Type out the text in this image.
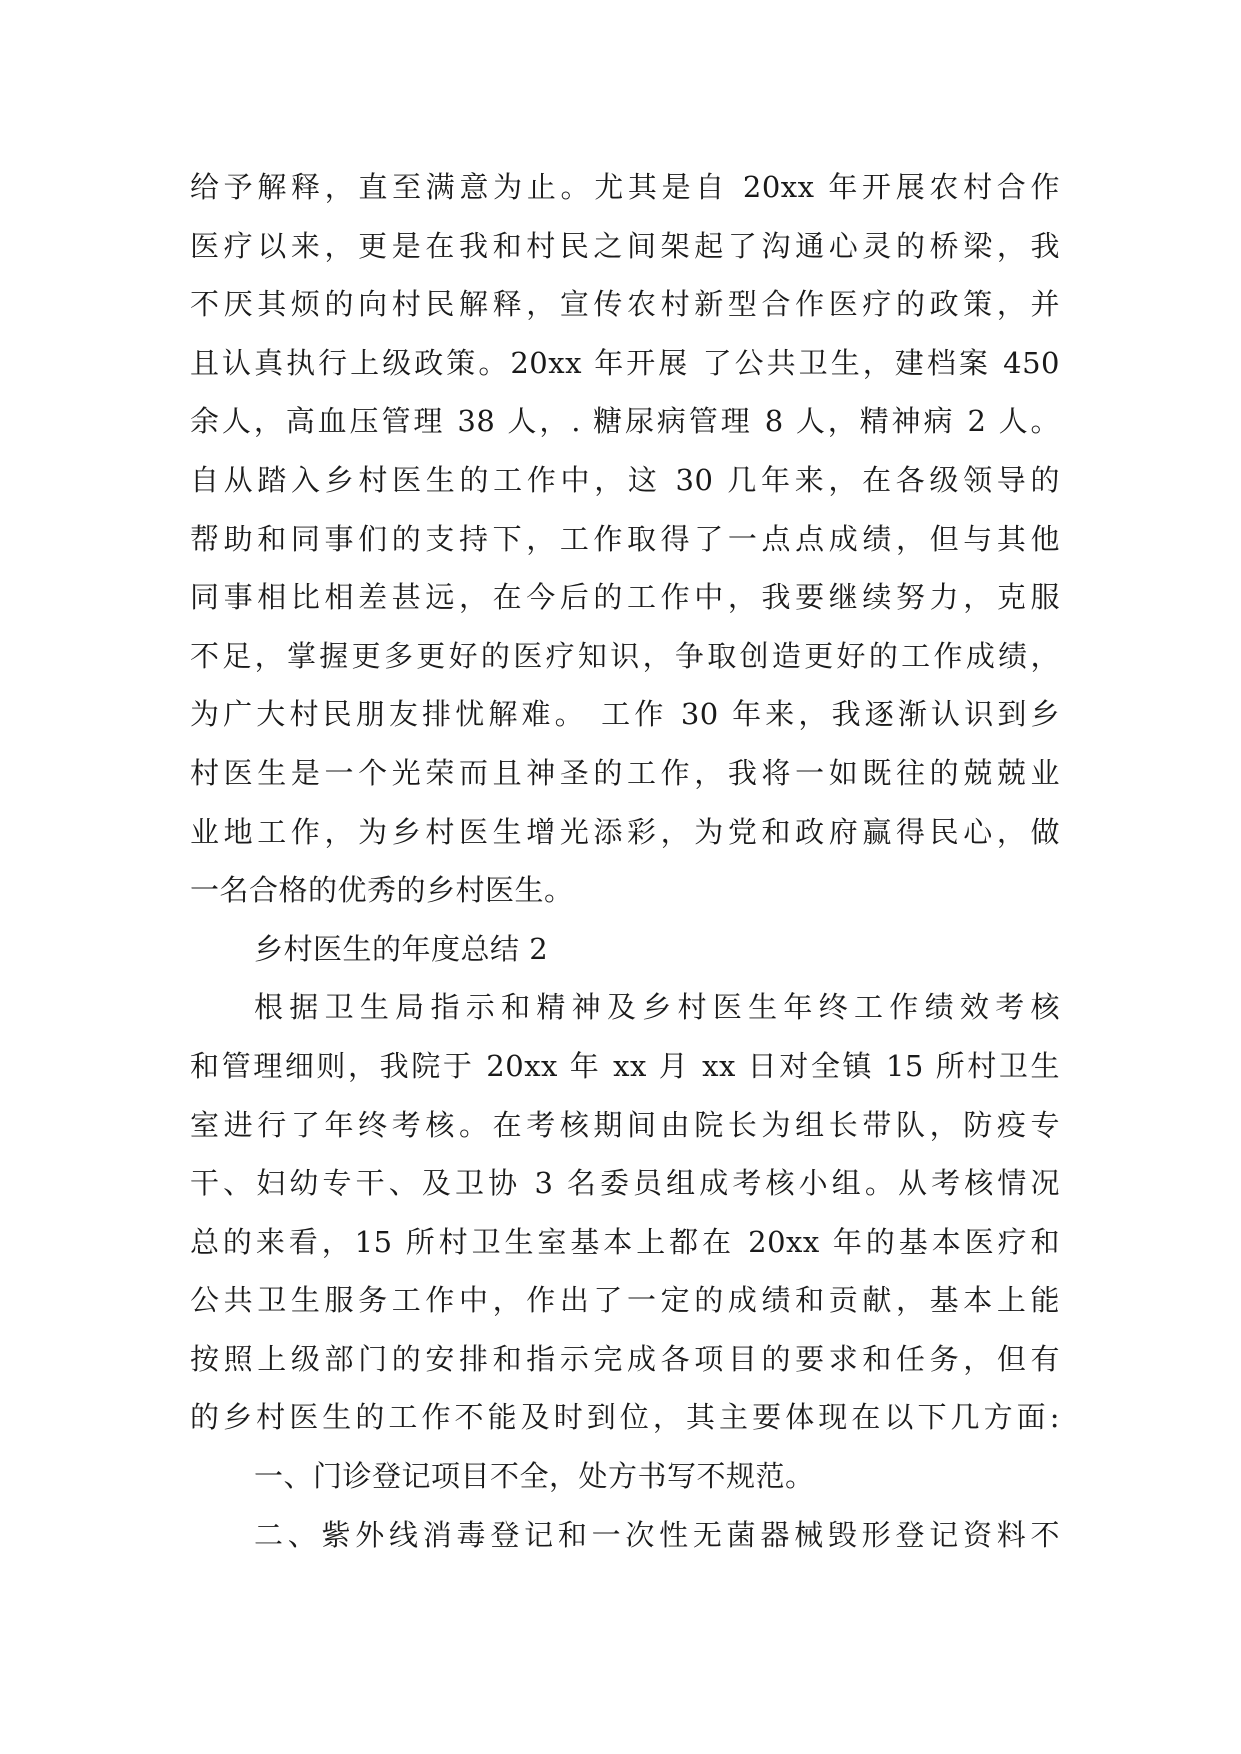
给予解释，直至满意为止。尤其是自 20xx 年开展农村合作
医疗以来，更是在我和村民之间架起了沟通心灵的桥梁，我
不厌其烦的向村民解释，宣传农村新型合作医疗的政策，并
且认真执行上级政策。20xx 年开展 了公共卫生，建档案 450
余人，高血压管理 38 人，. 糖尿病管理 8 人，精神病 2 人。
自从踏入乡村医生的工作中，这 30 几年来，在各级领导的
帮助和同事们的支持下，工作取得了一点点成绩，但与其他
同事相比相差甚远，在今后的工作中，我要继续努力，克服
不足，掌握更多更好的医疗知识，争取创造更好的工作成绩，
为广大村民朋友排忧解难。 工作 30 年来，我逐渐认识到乡
村医生是一个光荣而且神圣的工作，我将一如既往的兢兢业
业地工作，为乡村医生增光添彩，为党和政府赢得民心，做
一名合格的优秀的乡村医生。
乡村医生的年度总结 2
根据卫生局指示和精神及乡村医生年终工作绩效考核
和管理细则，我院于 20xx 年 xx 月 xx 日对全镇 15 所村卫生
室进行了年终考核。在考核期间由院长为组长带队，防疫专
干、妇幼专干、及卫协 3 名委员组成考核小组。从考核情况
总的来看，15 所村卫生室基本上都在 20xx 年的基本医疗和
公共卫生服务工作中，作出了一定的成绩和贡献，基本上能
按照上级部门的安排和指示完成各项目的要求和任务，但有
的乡村医生的工作不能及时到位，其主要体现在以下几方面:
一、门诊登记项目不全，处方书写不规范。
二、紫外线消毒登记和一次性无菌器械毁形登记资料不
